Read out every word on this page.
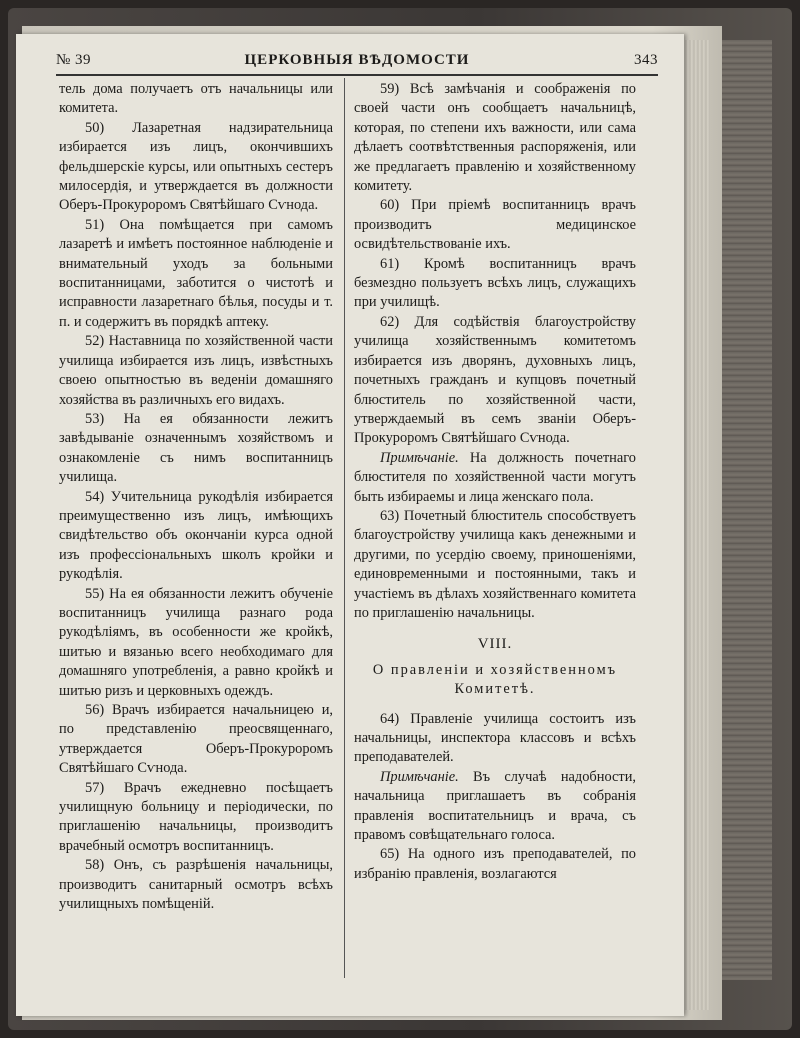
№ 39	ЦЕРКОВНЫЯ ВѢДОМОСТИ	343

тель дома получаетъ отъ начальницы или комитета.

50) Лазаретная надзирательница избирается изъ лицъ, окончившихъ фельдшерскіе курсы, или опытныхъ сестеръ милосердія, и утверждается въ должности Оберъ-Прокуроромъ Святѣйшаго Сѵнода.

51) Она помѣщается при самомъ лазаретѣ и имѣетъ постоянное наблюденіе и внимательный уходъ за больными воспитанницами, заботится о чистотѣ и исправности лазаретнаго бѣлья, посуды и т. п. и содержитъ въ порядкѣ аптеку.

52) Наставница по хозяйственной части училища избирается изъ лицъ, извѣстныхъ своею опытностью въ веденіи домашняго хозяйства въ различныхъ его видахъ.

53) На ея обязанности лежитъ завѣдываніе означеннымъ хозяйствомъ и ознакомленіе съ нимъ воспитанницъ училища.

54) Учительница рукодѣлія избирается преимущественно изъ лицъ, имѣющихъ свидѣтельство объ окончаніи курса одной изъ профессіональныхъ школъ кройки и рукодѣлія.

55) На ея обязанности лежитъ обученіе воспитанницъ училища разнаго рода рукодѣліямъ, въ особенности же кройкѣ, шитью и вязанью всего необходимаго для домашняго употребленія, а равно кройкѣ и шитью ризъ и церковныхъ одеждъ.

56) Врачъ избирается начальницею и, по представленію преосвященнаго, утверждается Оберъ-Прокуроромъ Святѣйшаго Сѵнода.

57) Врачъ ежедневно посѣщаетъ училищную больницу и періодически, по приглашенію начальницы, производитъ врачебный осмотръ воспитанницъ.

58) Онъ, съ разрѣшенія начальницы, производитъ санитарный осмотръ всѣхъ училищныхъ помѣщеній.

59) Всѣ замѣчанія и соображенія по своей части онъ сообщаетъ начальницѣ, которая, по степени ихъ важности, или сама дѣлаетъ соотвѣтственныя распоряженія, или же предлагаетъ правленію и хозяйственному комитету.

60) При пріемѣ воспитанницъ врачъ производитъ медицинское освидѣтельствованіе ихъ.

61) Кромѣ воспитанницъ врачъ безмездно пользуетъ всѣхъ лицъ, служащихъ при училищѣ.

62) Для содѣйствія благоустройству училища хозяйственнымъ комитетомъ избирается изъ дворянъ, духовныхъ лицъ, почетныхъ гражданъ и купцовъ почетный блюститель по хозяйственной части, утверждаемый въ семъ званіи Оберъ-Прокуроромъ Святѣйшаго Сѵнода.

Примѣчаніе. На должность почетнаго блюстителя по хозяйственной части могутъ быть избираемы и лица женскаго пола.

63) Почетный блюститель способствуетъ благоустройству училища какъ денежными и другими, по усердію своему, приношеніями, единовременными и постоянными, такъ и участіемъ въ дѣлахъ хозяйственнаго комитета по приглашенію начальницы.

VIII.
О правленіи и хозяйственномъ Комитетѣ.

64) Правленіе училища состоитъ изъ начальницы, инспектора классовъ и всѣхъ преподавателей.

Примѣчаніе. Въ случаѣ надобности, начальница приглашаетъ въ собранія правленія воспитательницъ и врача, съ правомъ совѣщательнаго голоса.

65) На одного изъ преподавателей, по избранію правленія, возлагаются
